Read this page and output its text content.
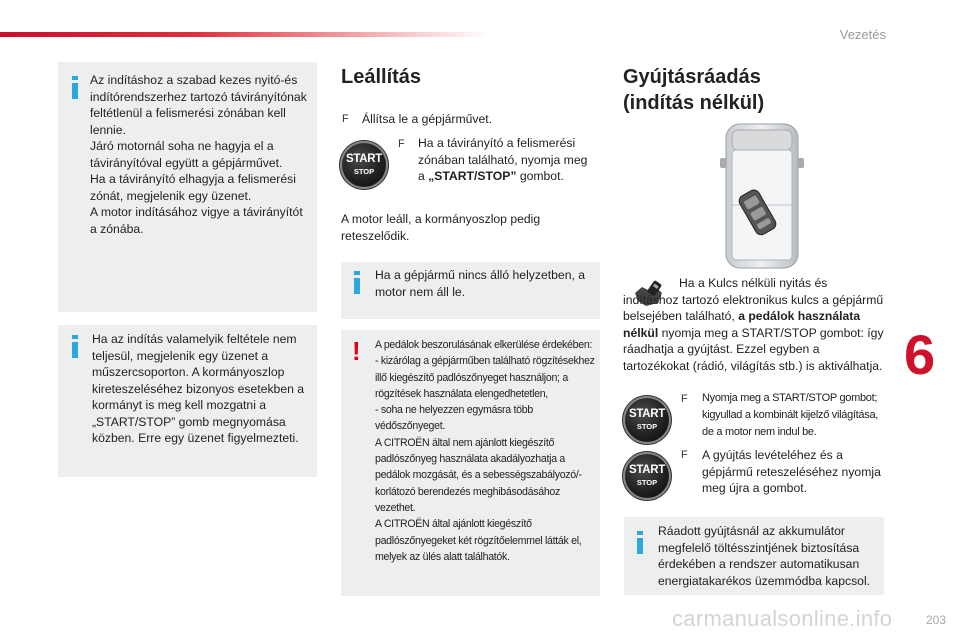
Vezetés
Az indításhoz a szabad kezes nyitó-és indítórendszerhez tartozó távirányítónak feltétlenül a felismerési zónában kell lennie.
Járó motornál soha ne hagyja el a távirányítóval együtt a gépjárművet.
Ha a távirányító elhagyja a felismerési zónát, megjelenik egy üzenet.
A motor indításához vigye a távirányítót a zónába.
Ha az indítás valamelyik feltétele nem teljesül, megjelenik egy üzenet a műszercsoporton. A kormányoszlop kireteszeléséhez bizonyos esetekben a kormányt is meg kell mozgatni a „START/STOP” gomb megnyomása közben. Erre egy üzenet figyelmezteti.
Leállítás
F Állítsa le a gépjárművet.
START
STOP
F Ha a távirányító a felismerési zónában található, nyomja meg a „START/STOP” gombot.
A motor leáll, a kormányoszlop pedig reteszelődik.
Ha a gépjármű nincs álló helyzetben, a motor nem áll le.
! A pedálok beszorulásának elkerülése érdekében:
- kizárólag a gépjárműben található rögzítésekhez illő kiegészítő padlószőnyeget használjon; a rögzítések használata elengedhetetlen,
- soha ne helyezzen egymásra több védőszőnyeget.
A CITROËN által nem ajánlott kiegészítő padlószőnyeg használata akadályozhatja a pedálok mozgását, és a sebességszabályozó/-korlátozó berendezés meghibásodásához vezethet.
A CITROËN által ajánlott kiegészítő padlószőnyegeket két rögzítőelemmel látták el, melyek az ülés alatt találhatók.
Gyújtásráadás
(indítás nélkül)
Ha a Kulcs nélküli nyitás és indításhoz tartozó elektronikus kulcs a gépjármű belsejében található, a pedálok használata nélkül nyomja meg a START/STOP gombot: így ráadhatja a gyújtást. Ezzel egyben a tartozékokat (rádió, világítás stb.) is aktiválhatja.
START
STOP
F Nyomja meg a START/STOP gombot; kigyullad a kombinált kijelző világítása, de a motor nem indul be.
START
STOP
F A gyújtás levételéhez és a gépjármű reteszeléséhez nyomja meg újra a gombot.
Ráadott gyújtásnál az akkumulátor megfelelő töltésszintjének biztosítása érdekében a rendszer automatikusan energiatakarékos üzemmódba kapcsol.
6
carmanualsonline.info	203
